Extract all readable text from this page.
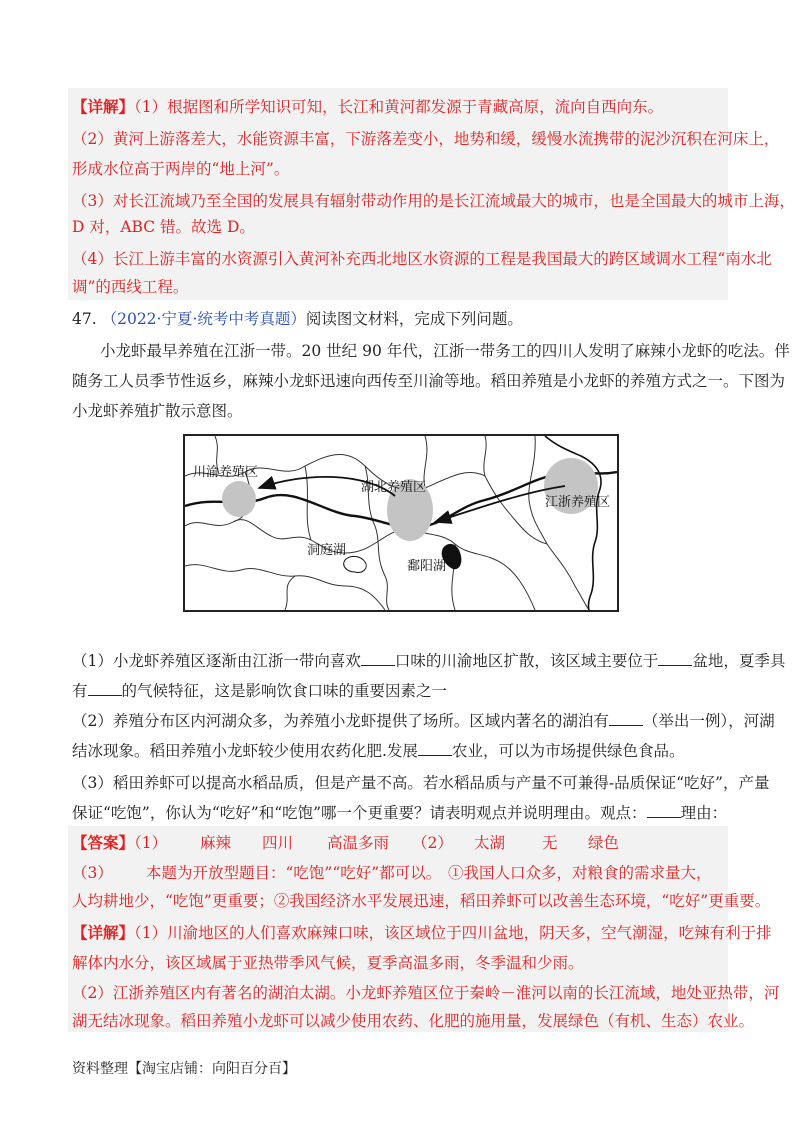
【详解】（1）根据图和所学知识可知，长江和黄河都发源于青藏高原，流向自西向东。
（2）黄河上游落差大，水能资源丰富，下游落差变小，地势和缓，缓慢水流携带的泥沙沉积在河床上，
形成水位高于两岸的“地上河”。
（3）对长江流域乃至全国的发展具有辐射带动作用的是长江流域最大的城市，也是全国最大的城市上海，
D 对，ABC 错。故选 D。
（4）长江上游丰富的水资源引入黄河补充西北地区水资源的工程是我国最大的跨区域调水工程“南水北
调”的西线工程。
47. （2022·宁夏·统考中考真题）阅读图文材料，完成下列问题。
小龙虾最早养殖在江浙一带。20 世纪 90 年代，江浙一带务工的四川人发明了麻辣小龙虾的吃法。伴
随务工人员季节性返乡，麻辣小龙虾迅速向西传至川渝等地。稻田养殖是小龙虾的养殖方式之一。下图为
小龙虾养殖扩散示意图。
川渝养殖区
湖北养殖区
江浙养殖区
洞庭湖
鄱阳湖
（1）小龙虾养殖区逐渐由江浙一带向喜欢 口味的川渝地区扩散，该区域主要位于 盆地，夏季具
有 的气候特征，这是影响饮食口味的重要因素之一
（2）养殖分布区内河湖众多，为养殖小龙虾提供了场所。区域内著名的湖泊有 （举出一例），河湖
结冰现象。稻田养殖小龙虾较少使用农药化肥.发展 农业，可以为市场提供绿色食品。
（3）稻田养虾可以提高水稻品质，但是产量不高。若水稻品质与产量不可兼得-品质保证“吃好”，产量
保证“吃饱”，你认为“吃好”和“吃饱”哪一个更重要？请表明观点并说明理由。观点： 理由：
【答案】（1） 麻辣 四川 高温多雨 （2） 太湖 无 绿色
（3） 本题为开放型题目：“吃饱”“吃好”都可以。 ①我国人口众多，对粮食的需求量大，
人均耕地少，“吃饱”更重要；②我国经济水平发展迅速，稻田养虾可以改善生态环境，“吃好”更重要。
【详解】（1）川渝地区的人们喜欢麻辣口味，该区域位于四川盆地，阴天多，空气潮湿，吃辣有利于排
解体内水分，该区域属于亚热带季风气候，夏季高温多雨，冬季温和少雨。
（2）江浙养殖区内有著名的湖泊太湖。小龙虾养殖区位于秦岭－淮河以南的长江流域，地处亚热带，河
湖无结冰现象。稻田养殖小龙虾可以减少使用农药、化肥的施用量，发展绿色（有机、生态）农业。
资料整理【淘宝店铺：向阳百分百】
